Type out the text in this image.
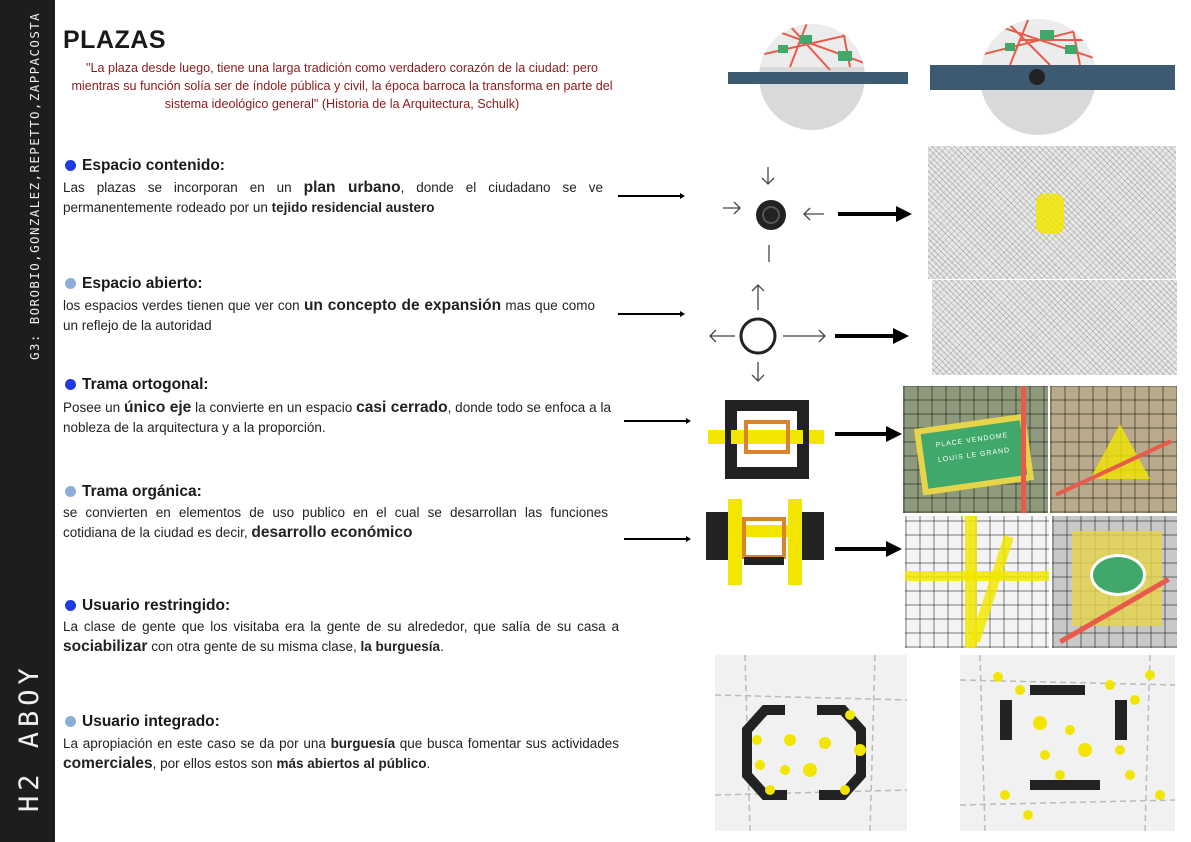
G3: BOROBIO,GONZALEZ,REPETTO,ZAPPACOSTA
H2 ABOY
PLAZAS
"La plaza desde luego, tiene una larga tradición como verdadero corazón de la ciudad: pero mientras su función solía ser de índole pública y civil, la época barroca la transforma en parte del sistema ideológico general" (Historia de la Arquitectura, Schulk)
Espacio contenido:
Las plazas se incorporan en un plan urbano, donde el ciudadano se ve permanentemente rodeado por un tejido residencial austero
Espacio abierto:
los espacios verdes tienen que ver con un concepto de expansión mas que como un reflejo de la autoridad
Trama ortogonal:
Posee un único eje la convierte en un espacio casi cerrado, donde todo se enfoca a la nobleza de la arquitectura y a la proporción.
Trama orgánica:
se convierten en elementos de uso publico en el cual se desarrollan las funciones cotidiana de la ciudad es decir, desarrollo económico
Usuario restringido:
La clase de gente que los visitaba era la gente de su alrededor, que salía de su casa a sociabilizar con otra gente de su misma clase, la burguesía.
Usuario integrado:
La apropiación en este caso se da por una burguesía que busca fomentar sus actividades comerciales, por ellos estos son más abiertos al público.
PLACE VENDOME
LOUIS LE GRAND
